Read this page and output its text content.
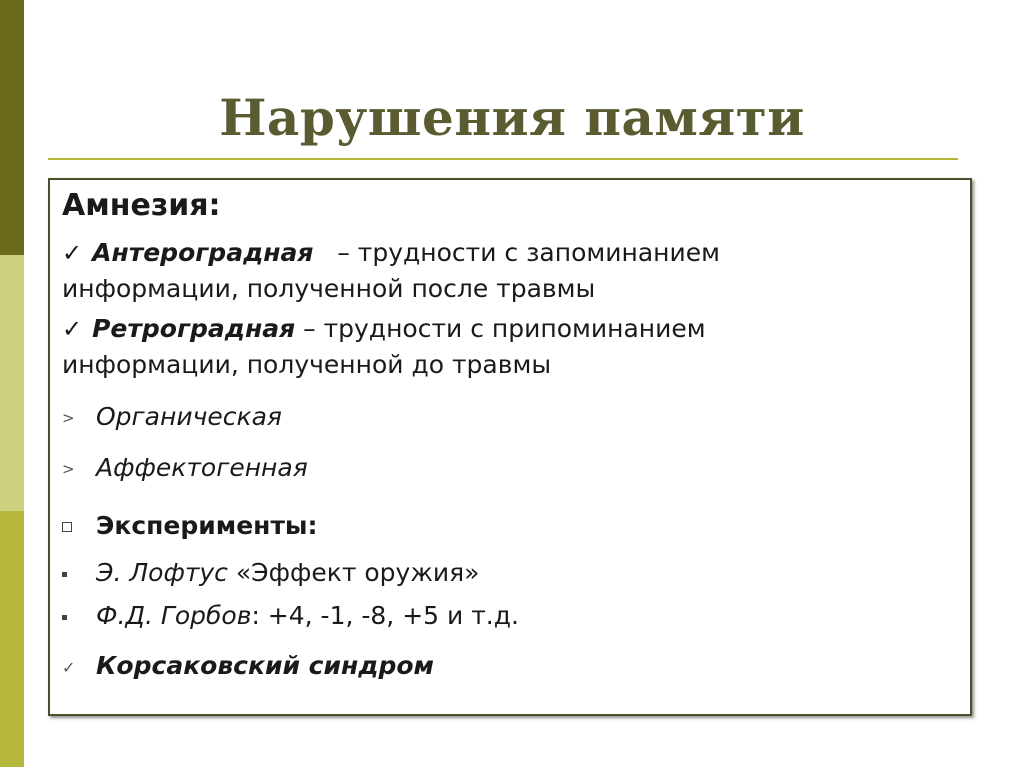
Нарушения памяти
Амнезия:
✓ Антероградная – трудности с запоминанием
информации, полученной после травмы
✓ Ретроградная – трудности с припоминанием
информации, полученной до травмы
> Органическая
> Аффектогенная
Эксперименты:
Э. Лофтус «Эффект оружия»
Ф.Д. Горбов: +4, -1, -8, +5 и т.д.
✓ Корсаковский синдром
